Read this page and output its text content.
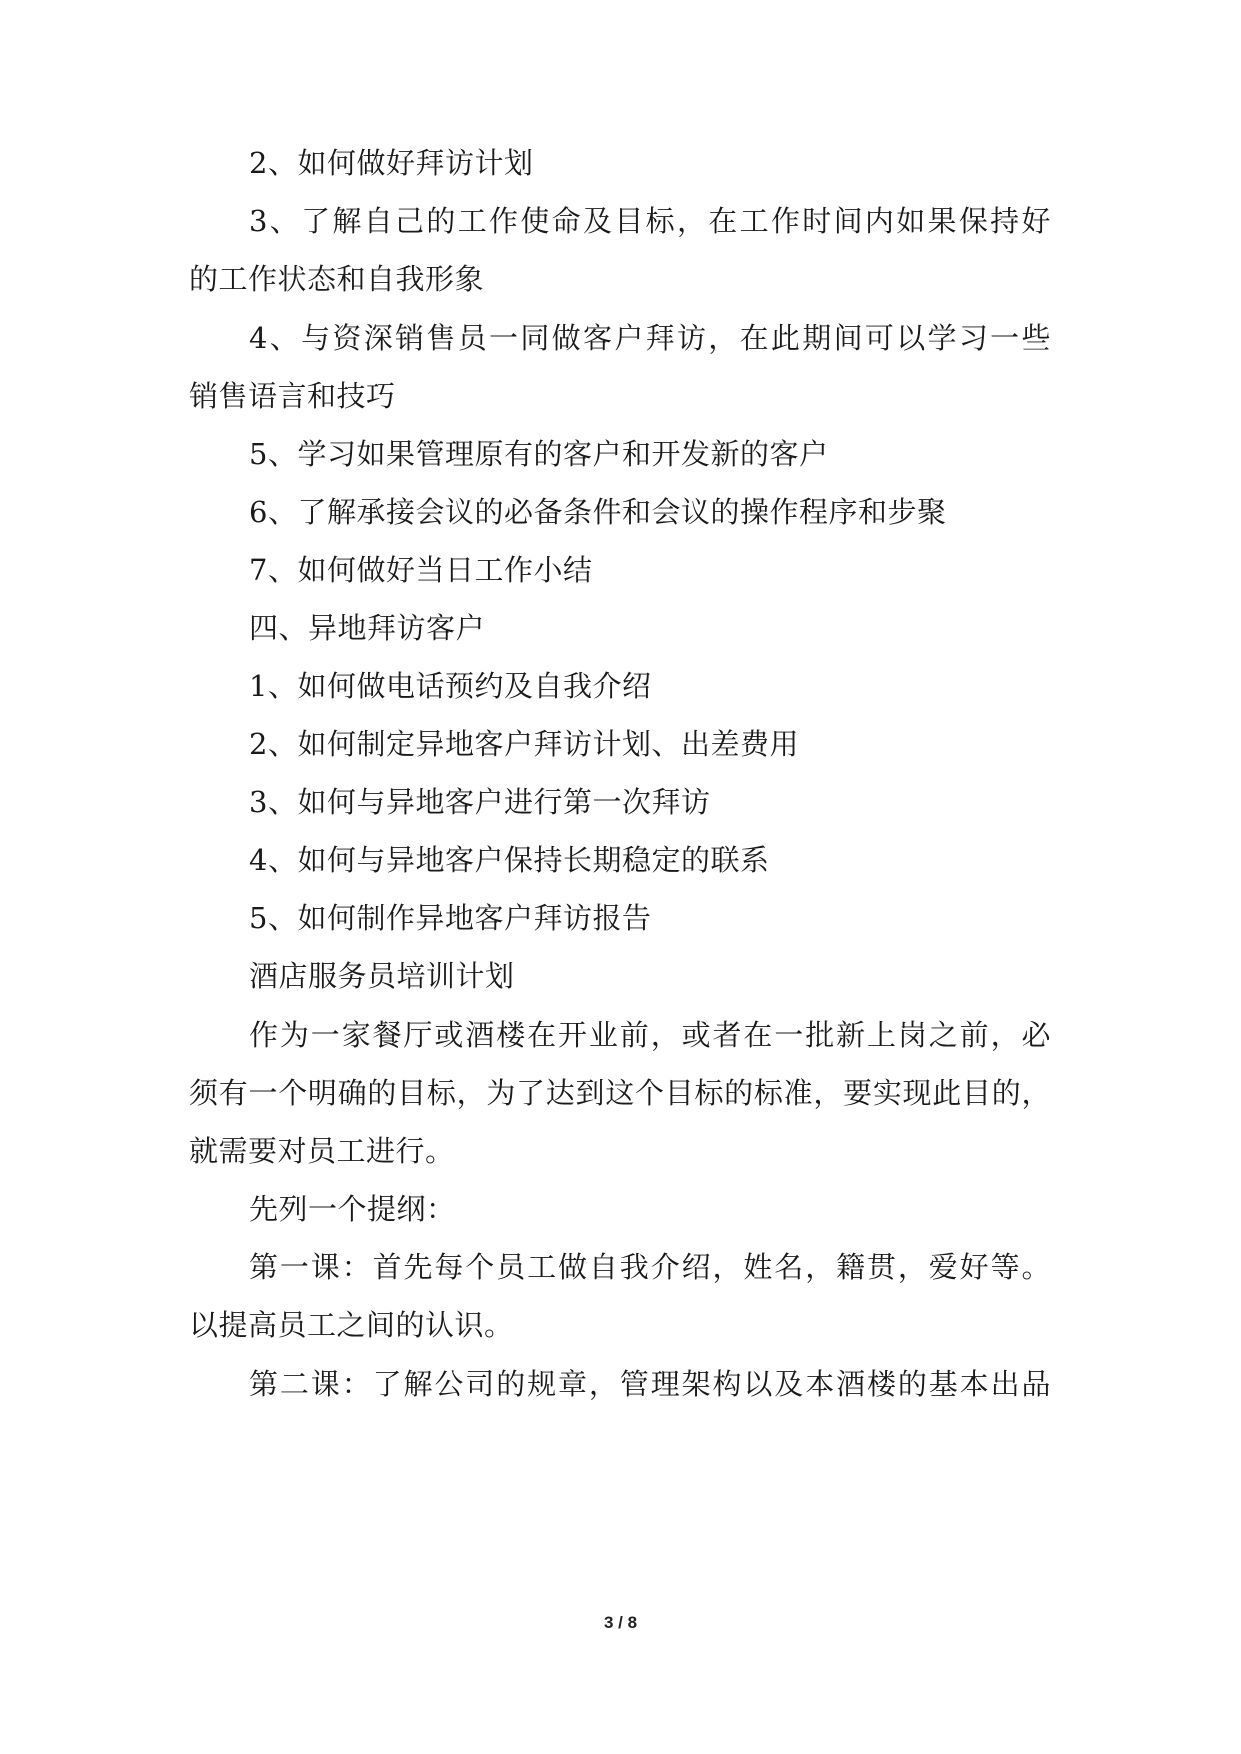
2、如何做好拜访计划
3、了解自己的工作使命及目标，在工作时间内如果保持好
的工作状态和自我形象
4、与资深销售员一同做客户拜访，在此期间可以学习一些
销售语言和技巧
5、学习如果管理原有的客户和开发新的客户
6、了解承接会议的必备条件和会议的操作程序和步聚
7、如何做好当日工作小结
四、异地拜访客户
1、如何做电话预约及自我介绍
2、如何制定异地客户拜访计划、出差费用
3、如何与异地客户进行第一次拜访
4、如何与异地客户保持长期稳定的联系
5、如何制作异地客户拜访报告
酒店服务员培训计划
作为一家餐厅或酒楼在开业前，或者在一批新上岗之前，必
须有一个明确的目标，为了达到这个目标的标准，要实现此目的，
就需要对员工进行。
先列一个提纲：
第一课：首先每个员工做自我介绍，姓名，籍贯，爱好等。
以提高员工之间的认识。
第二课：了解公司的规章，管理架构以及本酒楼的基本出品
3 / 8
